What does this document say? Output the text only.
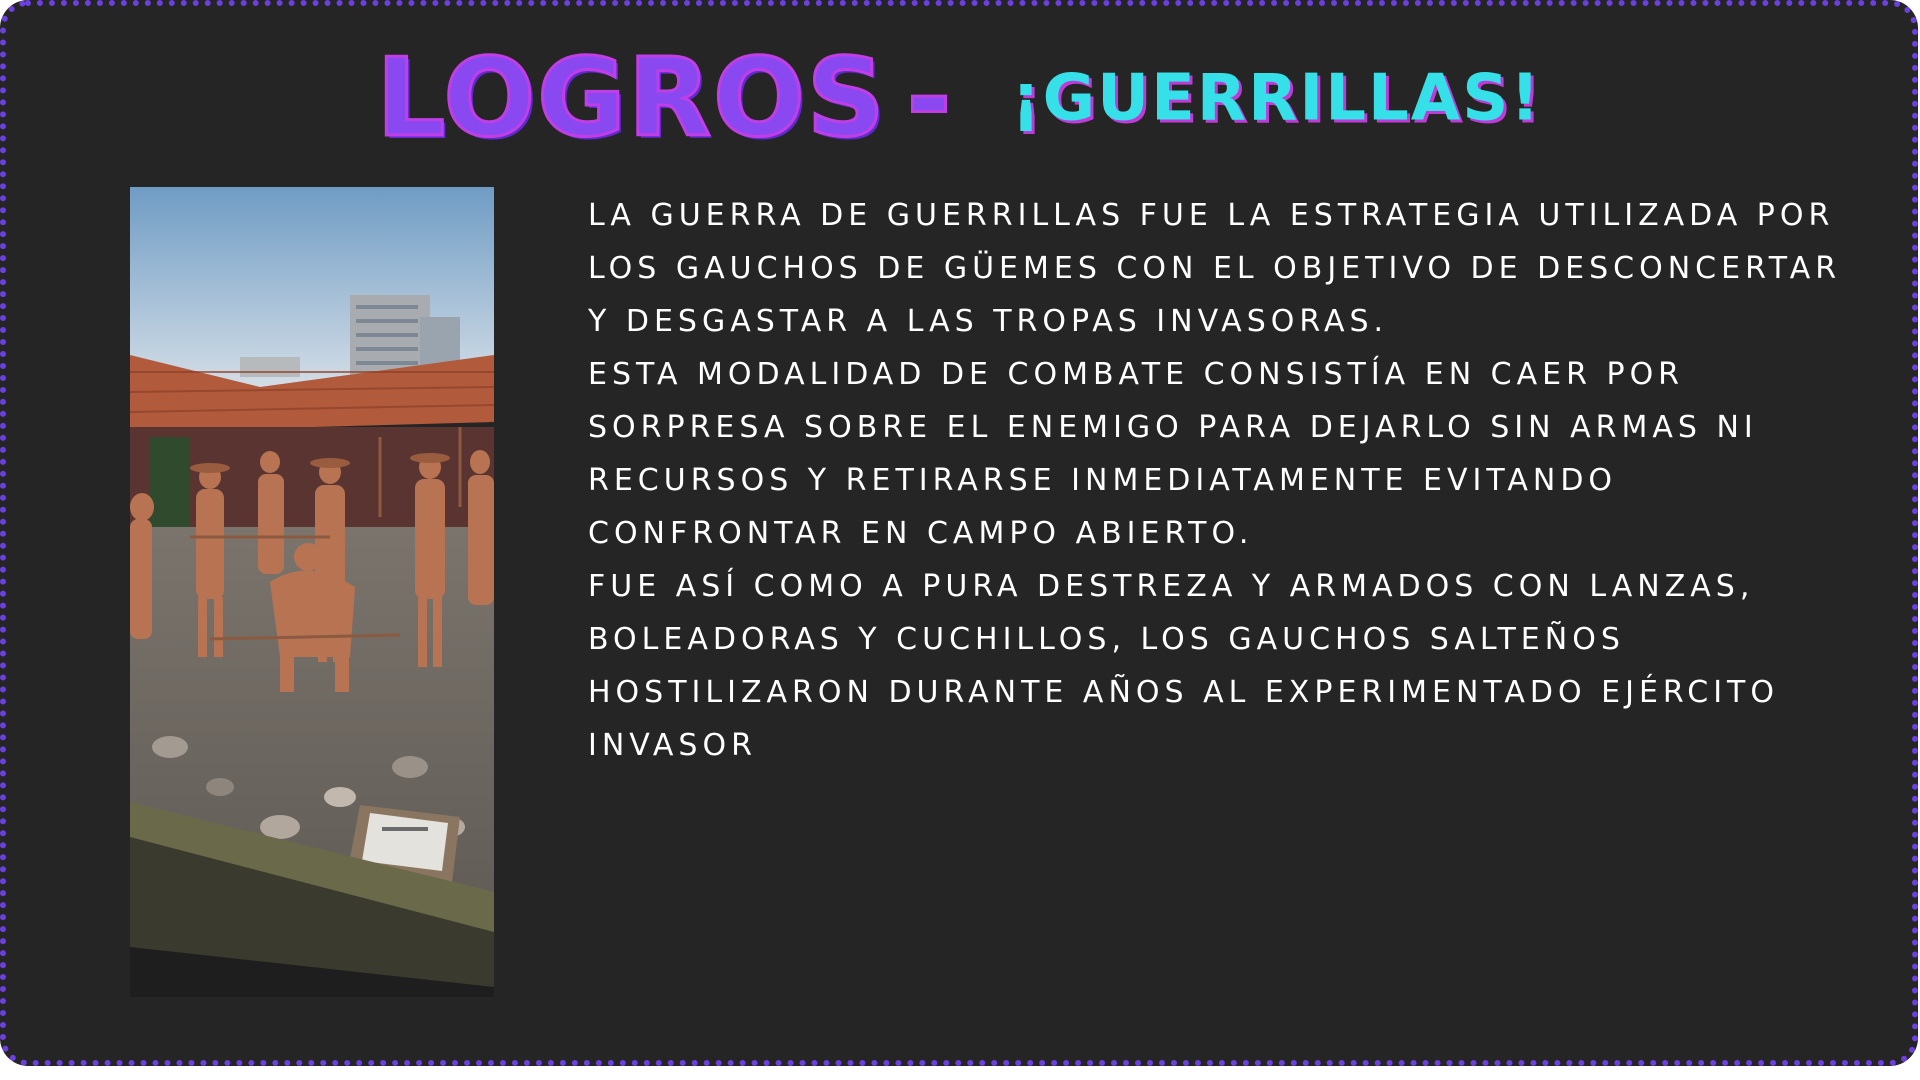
LOGROS - ¡GUERRILLAS!

LA GUERRA DE GUERRILLAS FUE LA ESTRATEGIA UTILIZADA POR LOS GAUCHOS DE GÜEMES CON EL OBJETIVO DE DESCONCERTAR Y DESGASTAR A LAS TROPAS INVASORAS.

ESTA MODALIDAD DE COMBATE CONSISTÍA EN CAER POR SORPRESA SOBRE EL ENEMIGO PARA DEJARLO SIN ARMAS NI RECURSOS Y RETIRARSE INMEDIATAMENTE EVITANDO CONFRONTAR EN CAMPO ABIERTO.

FUE ASÍ COMO A PURA DESTREZA Y ARMADOS CON LANZAS, BOLEADORAS Y CUCHILLOS, LOS GAUCHOS SALTEÑOS HOSTILIZARON DURANTE AÑOS AL EXPERIMENTADO EJÉRCITO INVASOR
